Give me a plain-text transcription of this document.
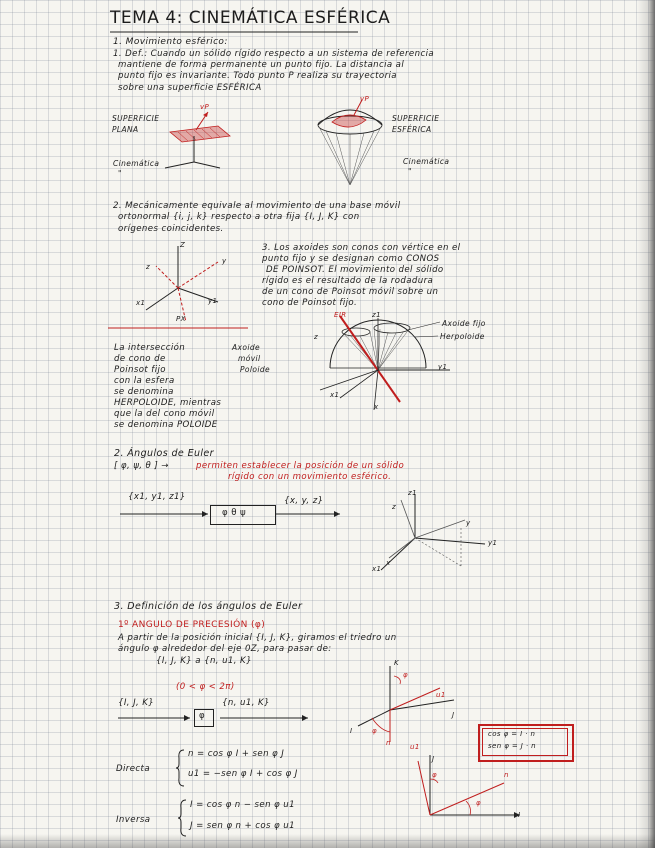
TEMA 4: CINEMÁTICA ESFÉRICA
1. Movimiento esférico:
1. Def.: Cuando un sólido rígido respecto a un sistema de referencia
mantiene de forma permanente un punto fijo. La distancia al
punto fijo es invariante. Todo punto P realiza su trayectoria
sobre una superficie ESFÉRICA
SUPERFICIE
PLANA
vP
Cinemática
"
vP
SUPERFICIE
ESFÉRICA
Cinemática
"
2. Mecánicamente equivale al movimiento de una base móvil
ortonormal {i, j, k} respecto a otra fija {I, J, K} con
orígenes coincidentes.
Z
z
y
x1	y1
PX
3. Los axoides son conos con vértice en el
punto fijo y se designan como CONOS
DE POINSOT. El movimiento del sólido
rígido es el resultado de la rodadura
de un cono de Poinsot móvil sobre un
cono de Poinsot fijo.
La intersección
de cono de
Poinsot fijo
con la esfera
se denomina
HERPOLOIDE, mientras
que la del cono móvil
se denomina POLOIDE
Axoide
móvil
Poloide
EIR	z1
z
Axoide fijo
Herpoloide
y1
x1
x
2. Ángulos de Euler
[ φ, ψ, θ ] →	permiten establecer la posición de un sólido
rígido con un movimiento esférico.
{x1, y1, z1}
φ θ ψ
{x, y, z}
z1
z
y
y1
x1
x
3. Definición de los ángulos de Euler
1º ANGULO DE PRECESIÓN (φ)
A partir de la posición inicial {I, J, K}, giramos el triedro un
ángulo φ alrededor del eje 0Z, para pasar de:
{I, J, K} a {n, u1, K}
(0 < φ < 2π)
{I, J, K}
φ
{n, u1, K}
K
φ
u1
I	φ
n
J
cos φ = I · n
sen φ = J · n
u1
J
n
I
φ
φ
Directa
n = cos φ I + sen φ J
u1 = −sen φ I + cos φ J
Inversa
I = cos φ n − sen φ u1
J = sen φ n + cos φ u1
